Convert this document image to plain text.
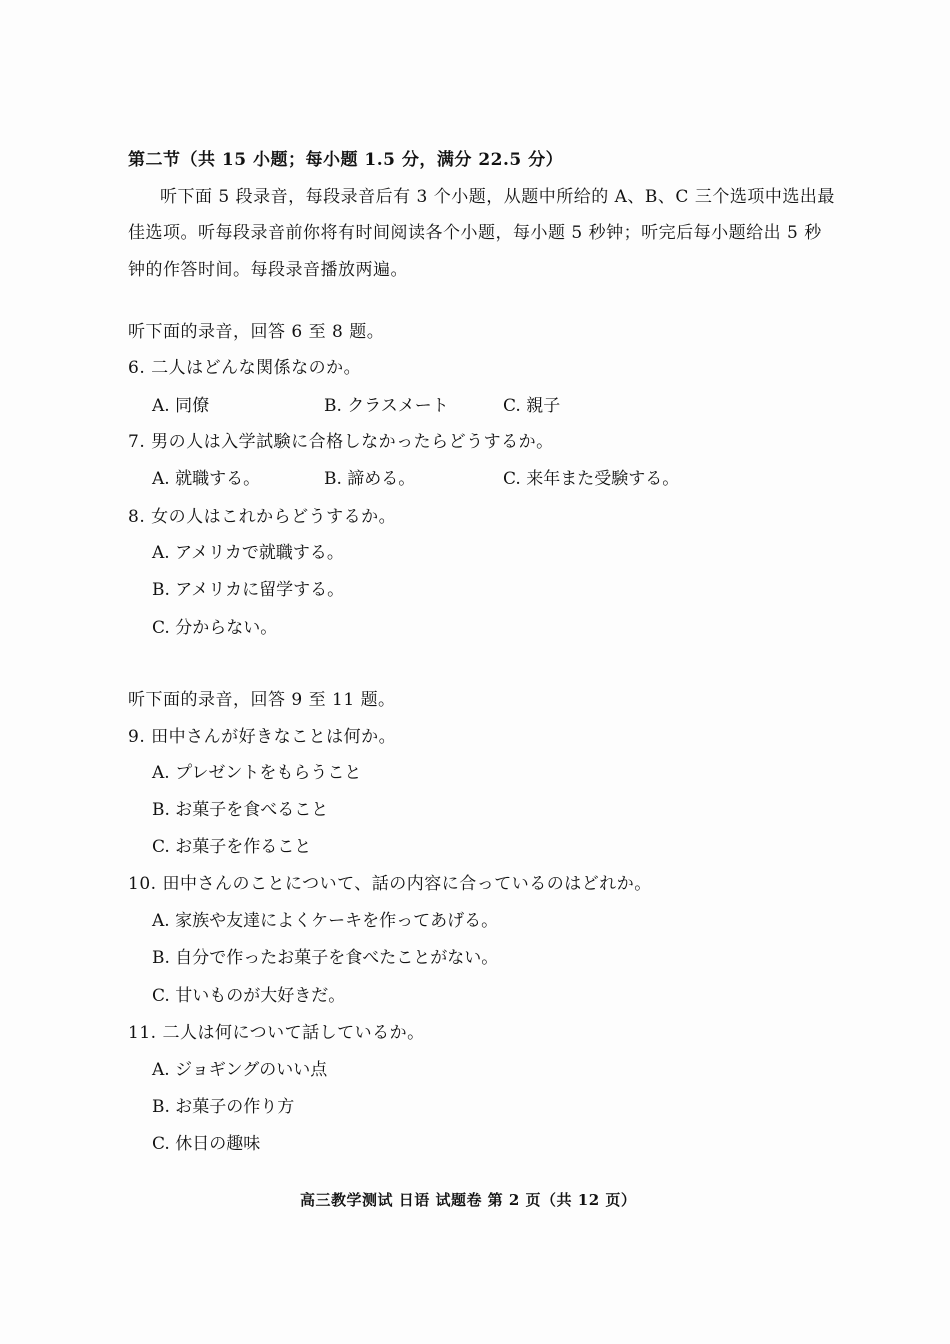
第二节（共 15 小题；每小题 1.5 分，满分 22.5 分）
听下面 5 段录音，每段录音后有 3 个小题，从题中所给的 A、B、C 三个选项中选出最
佳选项。听每段录音前你将有时间阅读各个小题，每小题 5 秒钟；听完后每小题给出 5 秒
钟的作答时间。每段录音播放两遍。
听下面的录音，回答 6 至 8 题。
6. 二人はどんな関係なのか。
A. 同僚	B. クラスメート	C. 親子
7. 男の人は入学試験に合格しなかったらどうするか。
A. 就職する。	B. 諦める。	C. 来年また受験する。
8. 女の人はこれからどうするか。
A. アメリカで就職する。
B. アメリカに留学する。
C. 分からない。
听下面的录音，回答 9 至 11 题。
9. 田中さんが好きなことは何か。
A. プレゼントをもらうこと
B. お菓子を食べること
C. お菓子を作ること
10. 田中さんのことについて、話の内容に合っているのはどれか。
A. 家族や友達によくケーキを作ってあげる。
B. 自分で作ったお菓子を食べたことがない。
C. 甘いものが大好きだ。
11. 二人は何について話しているか。
A. ジョギングのいい点
B. お菓子の作り方
C. 休日の趣味
高三教学测试 日语 试题卷 第 2 页（共 12 页）
